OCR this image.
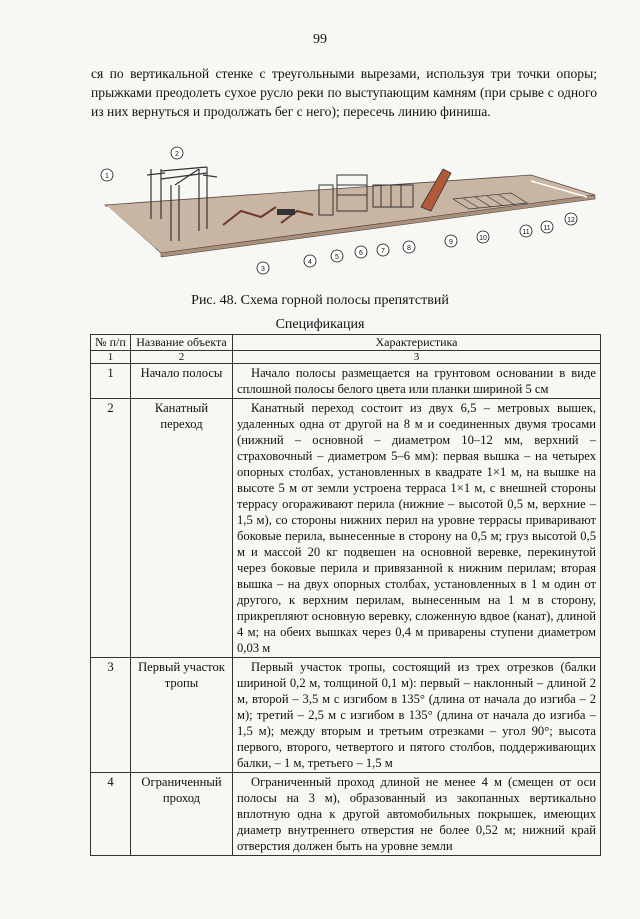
99
ся по вертикальной стенке с треугольными вырезами, используя три точки опоры; прыжками преодолеть сухое русло реки по выступающим камням (при срыве с одного из них вернуться и продолжать бег с него); пересечь линию финиша.
1
2
3
4
5
6	7	8
9
10
11
11
12
Рис. 48. Схема горной полосы препятствий
Спецификация
№ п/п	Название объекта	Характеристика
1	2	3
1	Начало полосы	Начало полосы размещается на грунтовом основании в виде сплошной полосы белого цвета или планки шириной 5 см
2	Канатный переход	Канатный переход состоит из двух 6,5 – метровых вышек, удаленных одна от другой на 8 м и соединенных двумя тросами (нижний – основной – диаметром 10–12 мм, верхний – страховочный – диаметром 5–6 мм): первая вышка – на четырех опорных столбах, установленных в квадрате 1×1 м, на вышке на высоте 5 м от земли устроена терраса 1×1 м, с внешней стороны террасу огораживают перила (нижние – высотой 0,5 м, верхние – 1,5 м), со стороны нижних перил на уровне террасы приваривают боковые перила, вынесенные в сторону на 0,5 м; груз высотой 0,5 м и массой 20 кг подвешен на основной веревке, перекинутой через боковые перила и привязанной к нижним перилам; вторая вышка – на двух опорных столбах, установленных в 1 м один от другого, к верхним перилам, вынесенным на 1 м в сторону, прикрепляют основную веревку, сложенную вдвое (канат), длиной 4 м; на обеих вышках через 0,4 м приварены ступени диаметром 0,03 м
3	Первый участок тропы	Первый участок тропы, состоящий из трех отрезков (балки шириной 0,2 м, толщиной 0,1 м): первый – наклонный – длиной 2 м, второй – 3,5 м с изгибом в 135° (длина от начала до изгиба – 2 м); третий – 2,5 м с изгибом в 135° (длина от начала до изгиба – 1,5 м); между вторым и третьим отрезками – угол 90°; высота первого, второго, четвертого и пятого столбов, поддерживающих балки, – 1 м, третьего – 1,5 м
4	Ограниченный проход	Ограниченный проход длиной не менее 4 м (смещен от оси полосы на 3 м), образованный из закопанных вертикально вплотную одна к другой автомобильных покрышек, имеющих диаметр внутреннего отверстия не более 0,52 м; нижний край отверстия должен быть на уровне земли
